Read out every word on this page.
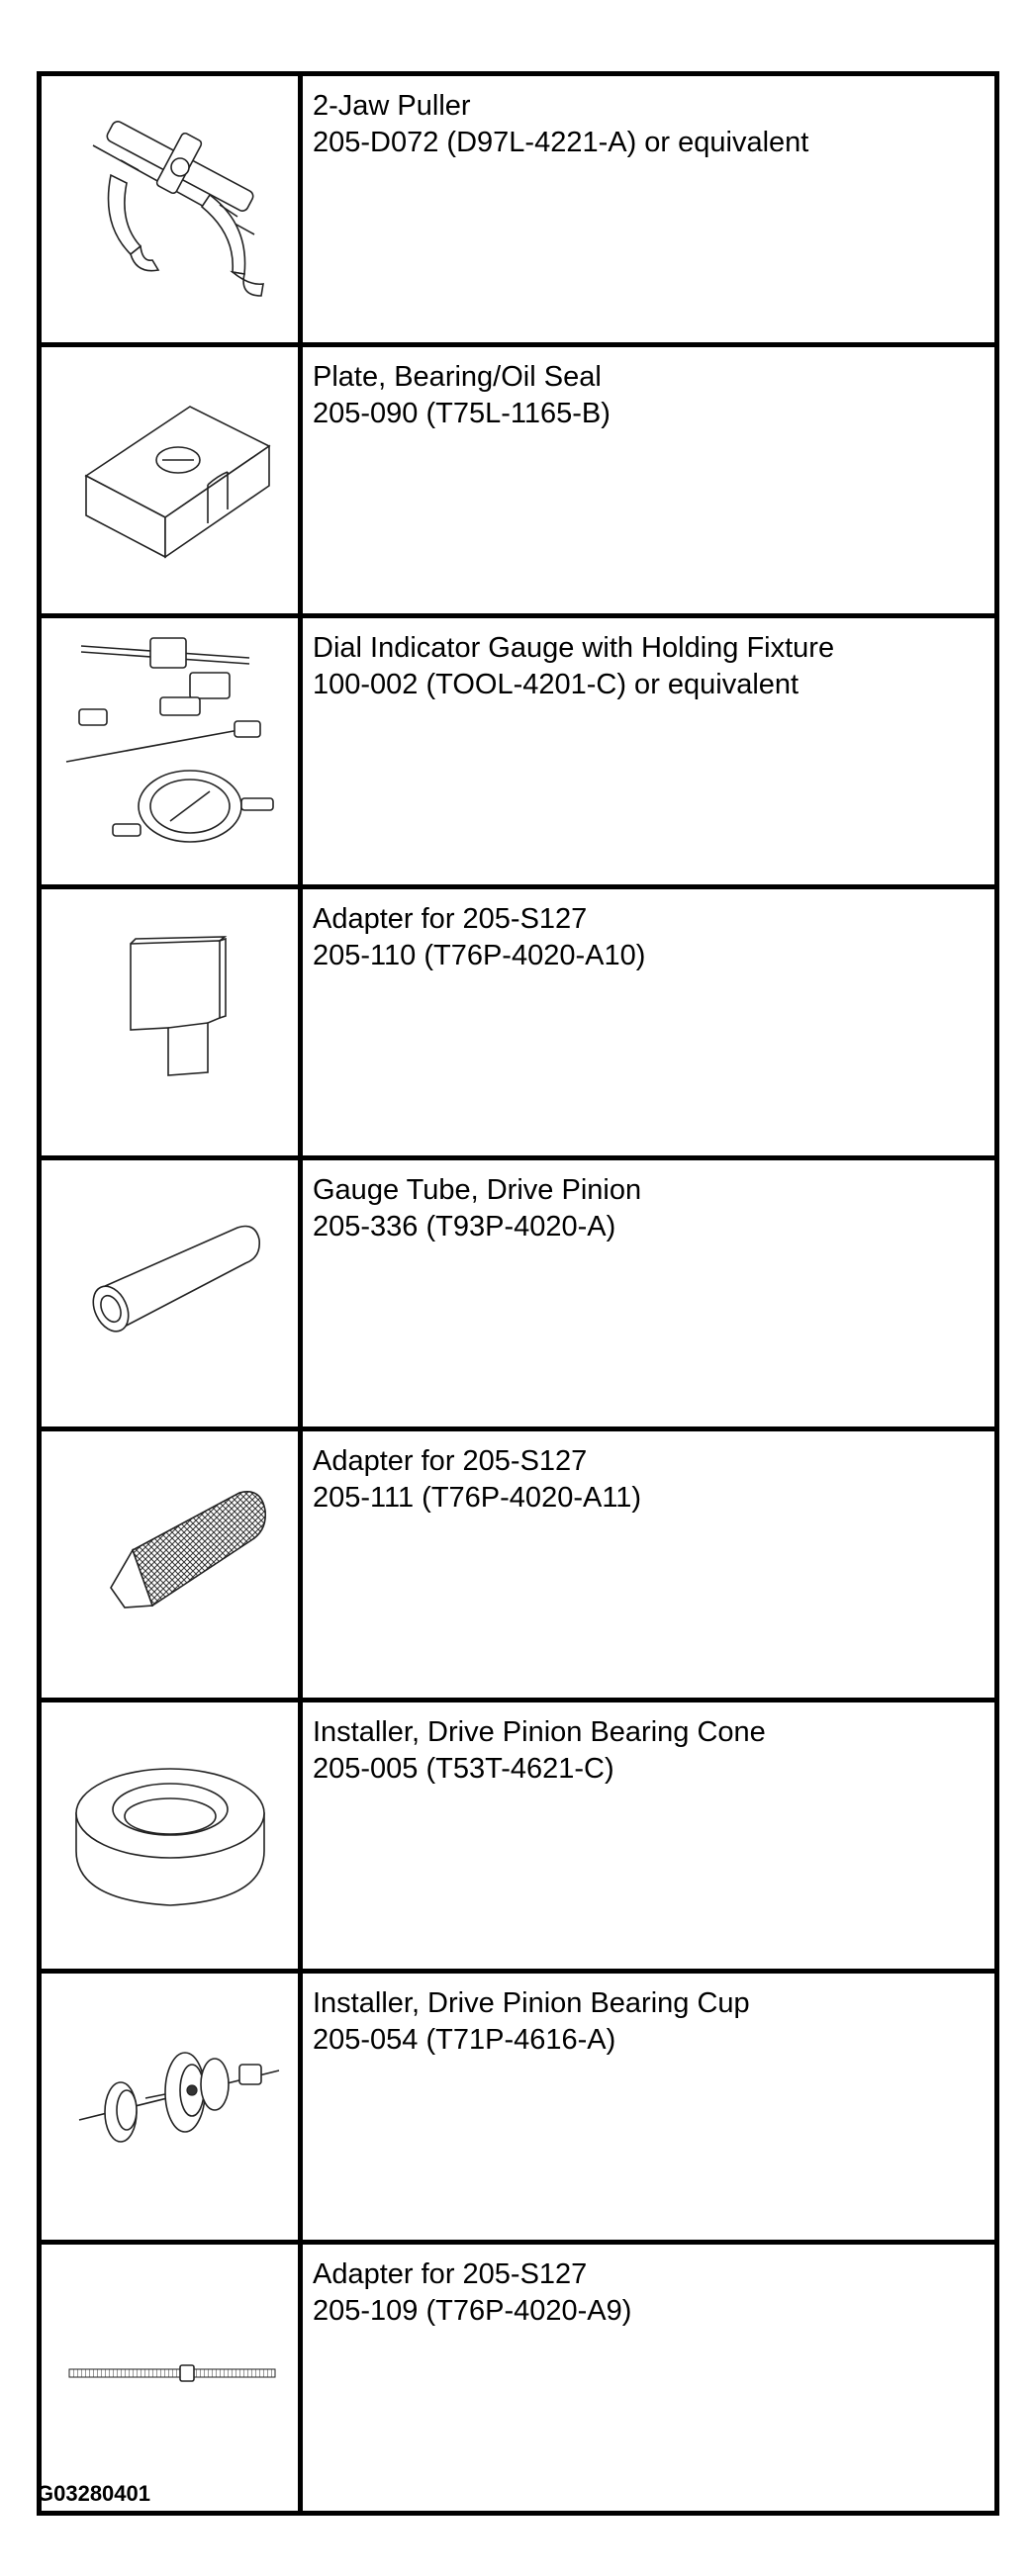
2-Jaw Puller
205-D072 (D97L-4221-A) or equivalent

Plate, Bearing/Oil Seal
205-090 (T75L-1165-B)

Dial Indicator Gauge with Holding Fixture
100-002 (TOOL-4201-C) or equivalent

Adapter for 205-S127
205-110 (T76P-4020-A10)

Gauge Tube, Drive Pinion
205-336 (T93P-4020-A)

Adapter for 205-S127
205-111 (T76P-4020-A11)

Installer, Drive Pinion Bearing Cone
205-005 (T53T-4621-C)

Installer, Drive Pinion Bearing Cup
205-054 (T71P-4616-A)

Adapter for 205-S127
205-109 (T76P-4020-A9)
G03280401
